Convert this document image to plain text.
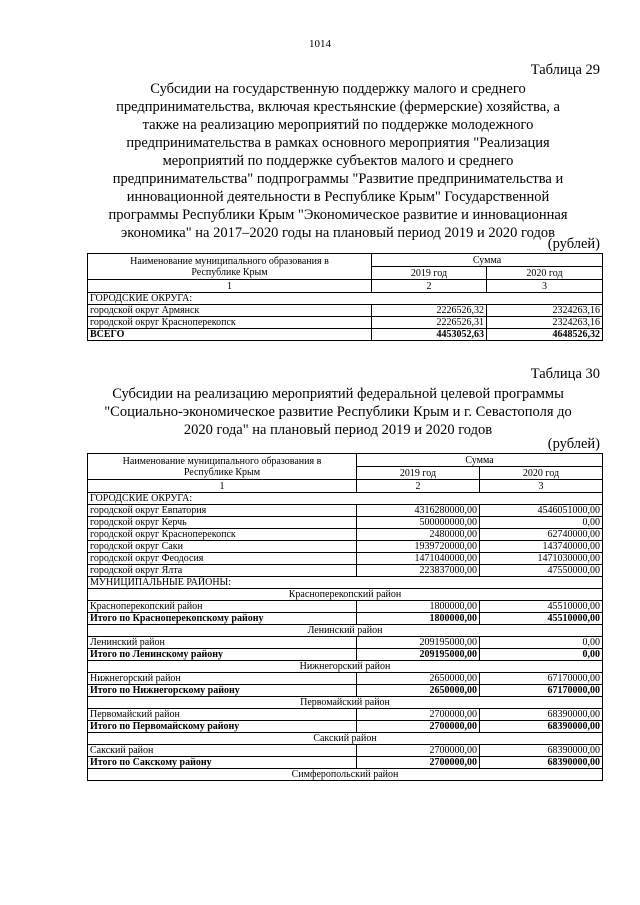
1014
Таблица 29
Субсидии на государственную поддержку малого и среднего
предпринимательства, включая крестьянские (фермерские) хозяйства, а
также на реализацию мероприятий по поддержке молодежного
предпринимательства в рамках основного мероприятия "Реализация
мероприятий по поддержке субъектов малого и среднего
предпринимательства" подпрограммы "Развитие предпринимательства и
инновационной деятельности в Республике Крым" Государственной
программы Республики Крым "Экономическое развитие и инновационная
экономика" на 2017–2020 годы на плановый период 2019 и 2020 годов
(рублей)
Наименование муниципального образования в
Республике Крым	Сумма	
	2019 год	2020 год
1	2	3
ГОРОДСКИЕ ОКРУГА:		
городской округ Армянск	2226526,32	2324263,16
городской округ Красноперекопск	2226526,31	2324263,16
ВСЕГО	4453052,63	4648526,32
Таблица 30
Субсидии на реализацию мероприятий федеральной целевой программы
"Социально-экономическое развитие Республики Крым и г. Севастополя до
2020 года" на плановый период 2019 и 2020 годов
(рублей)
Наименование муниципального образования в
Республике Крым	Сумма	
	2019 год	2020 год
1	2	3
ГОРОДСКИЕ ОКРУГА:		
городской округ Евпатория	4316280000,00	4546051000,00
городской округ Керчь	500000000,00	0,00
городской округ Красноперекопск	2480000,00	62740000,00
городской округ Саки	1939720000,00	143740000,00
городской округ Феодосия	1471040000,00	1471030000,00
городской округ Ялта	223837000,00	47550000,00
МУНИЦИПАЛЬНЫЕ РАЙОНЫ:		
Красноперекопский район		
Красноперекопский район	1800000,00	45510000,00
Итого по Красноперекопскому району	1800000,00	45510000,00
Ленинский район		
Ленинский район	209195000,00	0,00
Итого по Ленинскому району	209195000,00	0,00
Нижнегорский район		
Нижнегорский район	2650000,00	67170000,00
Итого по Нижнегорскому району	2650000,00	67170000,00
Первомайский район		
Первомайский район	2700000,00	68390000,00
Итого по Первомайскому району	2700000,00	68390000,00
Сакский район		
Сакский район	2700000,00	68390000,00
Итого по Сакскому району	2700000,00	68390000,00
Симферопольский район		
